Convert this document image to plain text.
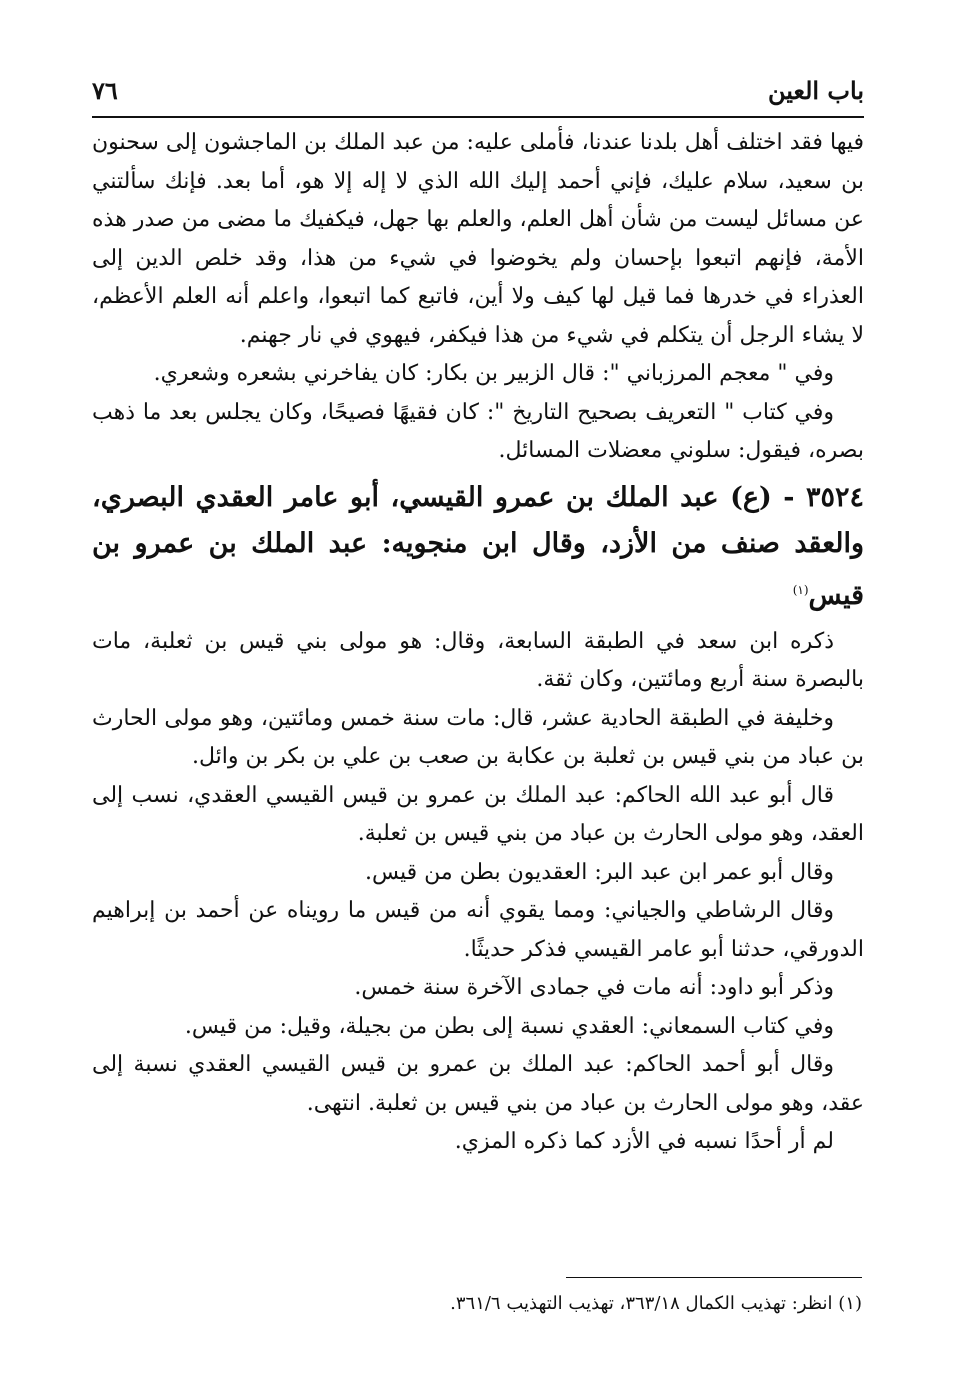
باب العين
٧٦

فيها فقد اختلف أهل بلدنا عندنا، فأملى عليه: من عبد الملك بن الماجشون إلى سحنون بن سعيد، سلام عليك، فإني أحمد إليك الله الذي لا إله إلا هو، أما بعد. فإنك سألتني عن مسائل ليست من شأن أهل العلم، والعلم بها جهل، فيكفيك ما مضى من صدر هذه الأمة، فإنهم اتبعوا بإحسان ولم يخوضوا في شيء من هذا، وقد خلص الدين إلى العذراء في خدرها فما قيل لها كيف ولا أين، فاتبع كما اتبعوا، واعلم أنه العلم الأعظم، لا يشاء الرجل أن يتكلم في شيء من هذا فيكفر، فيهوي في نار جهنم.

وفي " معجم المرزباني ": قال الزبير بن بكار: كان يفاخرني بشعره وشعري.

وفي كتاب " التعريف بصحيح التاريخ ": كان فقيهًا فصيحًا، وكان يجلس بعد ما ذهب بصره، فيقول: سلوني معضلات المسائل.

٣٥٢٤ - (ع) عبد الملك بن عمرو القيسي، أبو عامر العقدي البصري، والعقد صنف من الأزد، وقال ابن منجويه: عبد الملك بن عمرو بن قيس$^{(١)}$

ذكره ابن سعد في الطبقة السابعة، وقال: هو مولى بني قيس بن ثعلبة، مات بالبصرة سنة أربع ومائتين، وكان ثقة.

وخليفة في الطبقة الحادية عشر، قال: مات سنة خمس ومائتين، وهو مولى الحارث بن عباد من بني قيس بن ثعلبة بن عكابة بن صعب بن علي بن بكر بن وائل.

قال أبو عبد الله الحاكم: عبد الملك بن عمرو بن قيس القيسي العقدي، نسب إلى العقد، وهو مولى الحارث بن عباد من بني قيس بن ثعلبة.

وقال أبو عمر ابن عبد البر: العقديون بطن من قيس.

وقال الرشاطي والجياني: ومما يقوي أنه من قيس ما رويناه عن أحمد بن إبراهيم الدورقي، حدثنا أبو عامر القيسي فذكر حديثًا.

وذكر أبو داود: أنه مات في جمادى الآخرة سنة خمس.

وفي كتاب السمعاني: العقدي نسبة إلى بطن من بجيلة، وقيل: من قيس.

وقال أبو أحمد الحاكم: عبد الملك بن عمرو بن قيس القيسي العقدي نسبة إلى عقد، وهو مولى الحارث بن عباد من بني قيس بن ثعلبة. انتهى.

لم أر أحدًا نسبه في الأزد كما ذكره المزي.

(١) انظر: تهذيب الكمال ٣٦٣/١٨، تهذيب التهذيب ٣٦١/٦.
